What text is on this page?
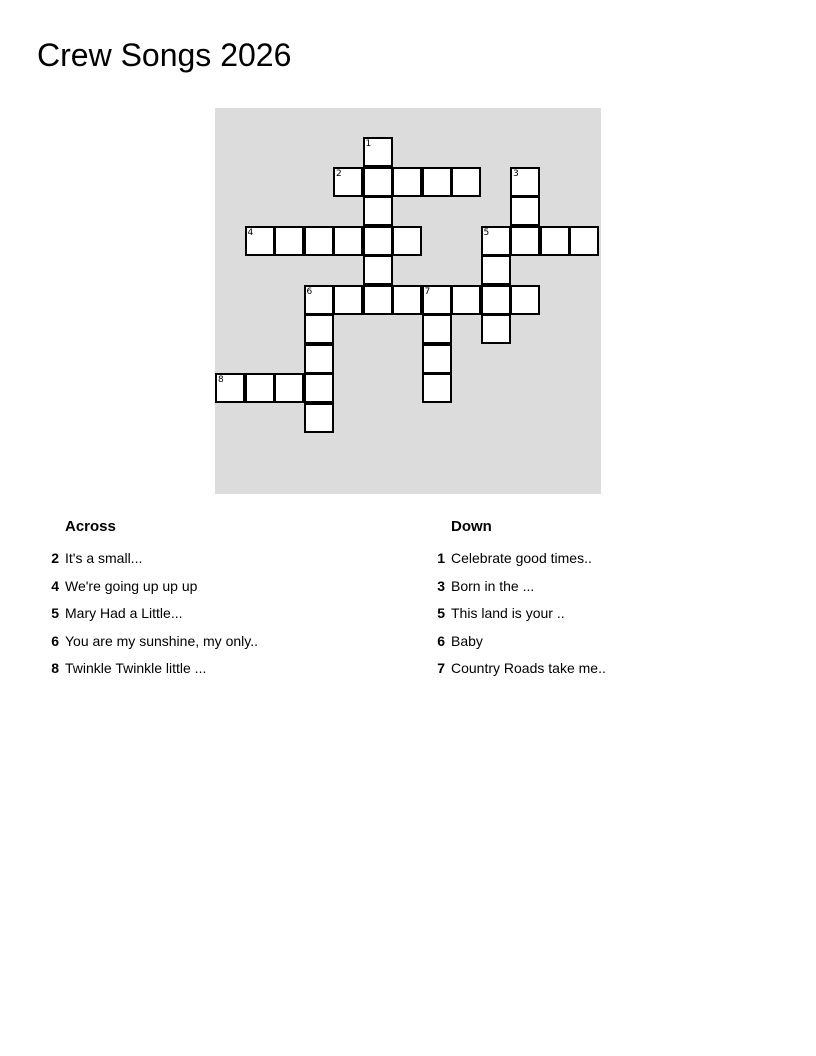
Crew Songs 2026
1
2	3
4	5
6	7
8
Across
2 It's a small...
4 We're going up up up
5 Mary Had a Little...
6 You are my sunshine, my only..
8 Twinkle Twinkle little ...
Down
1 Celebrate good times..
3 Born in the ...
5 This land is your ..
6 Baby
7 Country Roads take me..
